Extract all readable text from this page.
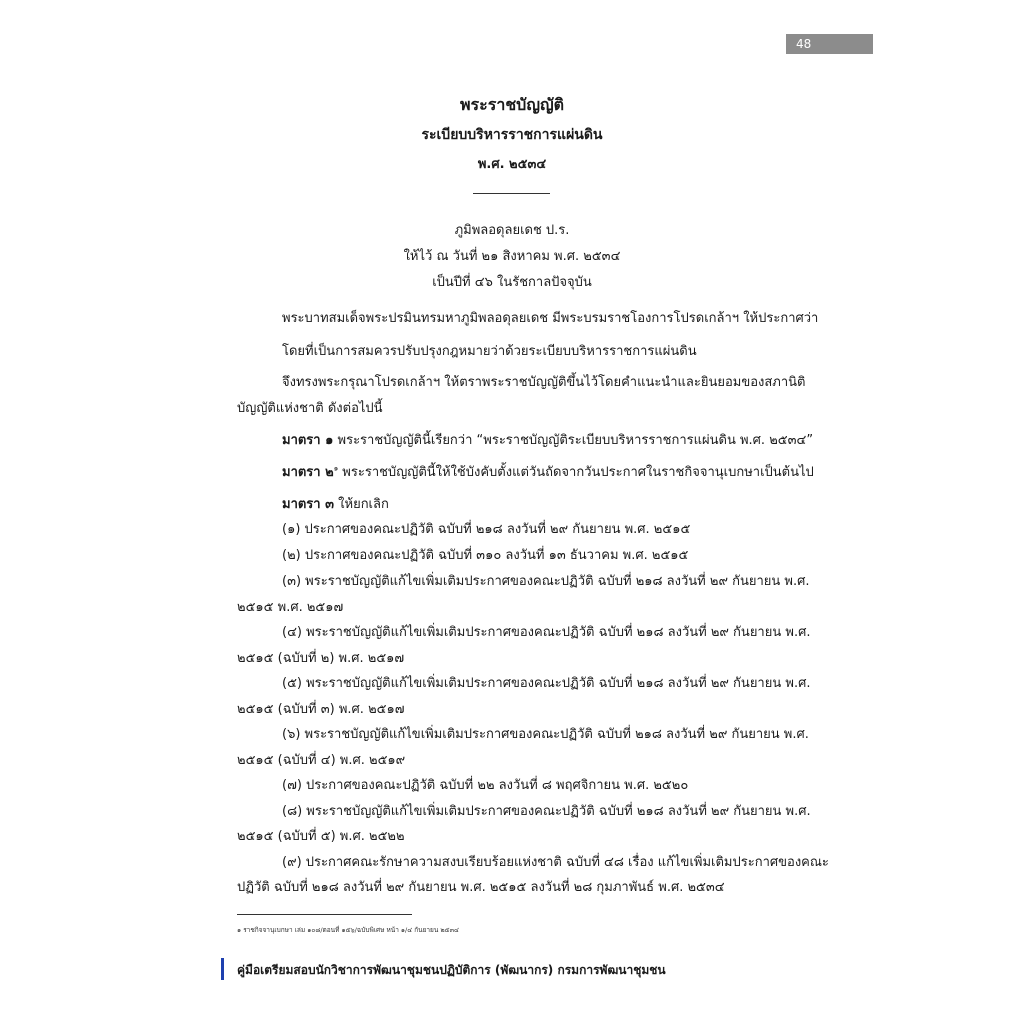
48
พระราชบัญญัติ
ระเบียบบริหารราชการแผ่นดิน
พ.ศ. ๒๕๓๔
ภูมิพลอดุลยเดช ป.ร.
ให้ไว้ ณ วันที่ ๒๑ สิงหาคม พ.ศ. ๒๕๓๔
เป็นปีที่ ๔๖ ในรัชกาลปัจจุบัน
พระบาทสมเด็จพระปรมินทรมหาภูมิพลอดุลยเดช มีพระบรมราชโองการโปรดเกล้าฯ ให้ประกาศว่า
โดยที่เป็นการสมควรปรับปรุงกฎหมายว่าด้วยระเบียบบริหารราชการแผ่นดิน
จึงทรงพระกรุณาโปรดเกล้าฯ ให้ตราพระราชบัญญัติขึ้นไว้โดยคำแนะนำและยินยอมของสภานิติ
บัญญัติแห่งชาติ ดังต่อไปนี้
มาตรา ๑ พระราชบัญญัตินี้เรียกว่า “พระราชบัญญัติระเบียบบริหารราชการแผ่นดิน พ.ศ. ๒๕๓๔”
มาตรา ๒$^๑$ พระราชบัญญัตินี้ให้ใช้บังคับตั้งแต่วันถัดจากวันประกาศในราชกิจจานุเบกษาเป็นต้นไป
มาตรา ๓ ให้ยกเลิก
(๑) ประกาศของคณะปฏิวัติ ฉบับที่ ๒๑๘ ลงวันที่ ๒๙ กันยายน พ.ศ. ๒๕๑๕
(๒) ประกาศของคณะปฏิวัติ ฉบับที่ ๓๑๐ ลงวันที่ ๑๓ ธันวาคม พ.ศ. ๒๕๑๕
(๓) พระราชบัญญัติแก้ไขเพิ่มเติมประกาศของคณะปฏิวัติ ฉบับที่ ๒๑๘ ลงวันที่ ๒๙ กันยายน พ.ศ.
๒๕๑๕ พ.ศ. ๒๕๑๗
(๔) พระราชบัญญัติแก้ไขเพิ่มเติมประกาศของคณะปฏิวัติ ฉบับที่ ๒๑๘ ลงวันที่ ๒๙ กันยายน พ.ศ.
๒๕๑๕ (ฉบับที่ ๒) พ.ศ. ๒๕๑๗
(๕) พระราชบัญญัติแก้ไขเพิ่มเติมประกาศของคณะปฏิวัติ ฉบับที่ ๒๑๘ ลงวันที่ ๒๙ กันยายน พ.ศ.
๒๕๑๕ (ฉบับที่ ๓) พ.ศ. ๒๕๑๗
(๖) พระราชบัญญัติแก้ไขเพิ่มเติมประกาศของคณะปฏิวัติ ฉบับที่ ๒๑๘ ลงวันที่ ๒๙ กันยายน พ.ศ.
๒๕๑๕ (ฉบับที่ ๔) พ.ศ. ๒๕๑๙
(๗) ประกาศของคณะปฏิวัติ ฉบับที่ ๒๒ ลงวันที่ ๘ พฤศจิกายน พ.ศ. ๒๕๒๐
(๘) พระราชบัญญัติแก้ไขเพิ่มเติมประกาศของคณะปฏิวัติ ฉบับที่ ๒๑๘ ลงวันที่ ๒๙ กันยายน พ.ศ.
๒๕๑๕ (ฉบับที่ ๕) พ.ศ. ๒๕๒๒
(๙) ประกาศคณะรักษาความสงบเรียบร้อยแห่งชาติ ฉบับที่ ๔๘ เรื่อง แก้ไขเพิ่มเติมประกาศของคณะ
ปฏิวัติ ฉบับที่ ๒๑๘ ลงวันที่ ๒๙ กันยายน พ.ศ. ๒๕๑๕ ลงวันที่ ๒๘ กุมภาพันธ์ พ.ศ. ๒๕๓๔
๑ ราชกิจจานุเบกษา เล่ม ๑๐๘/ตอนที่ ๑๕๖/ฉบับพิเศษ หน้า ๑/๔ กันยายน ๒๕๓๔
คู่มือเตรียมสอบนักวิชาการพัฒนาชุมชนปฏิบัติการ (พัฒนากร) กรมการพัฒนาชุมชน
